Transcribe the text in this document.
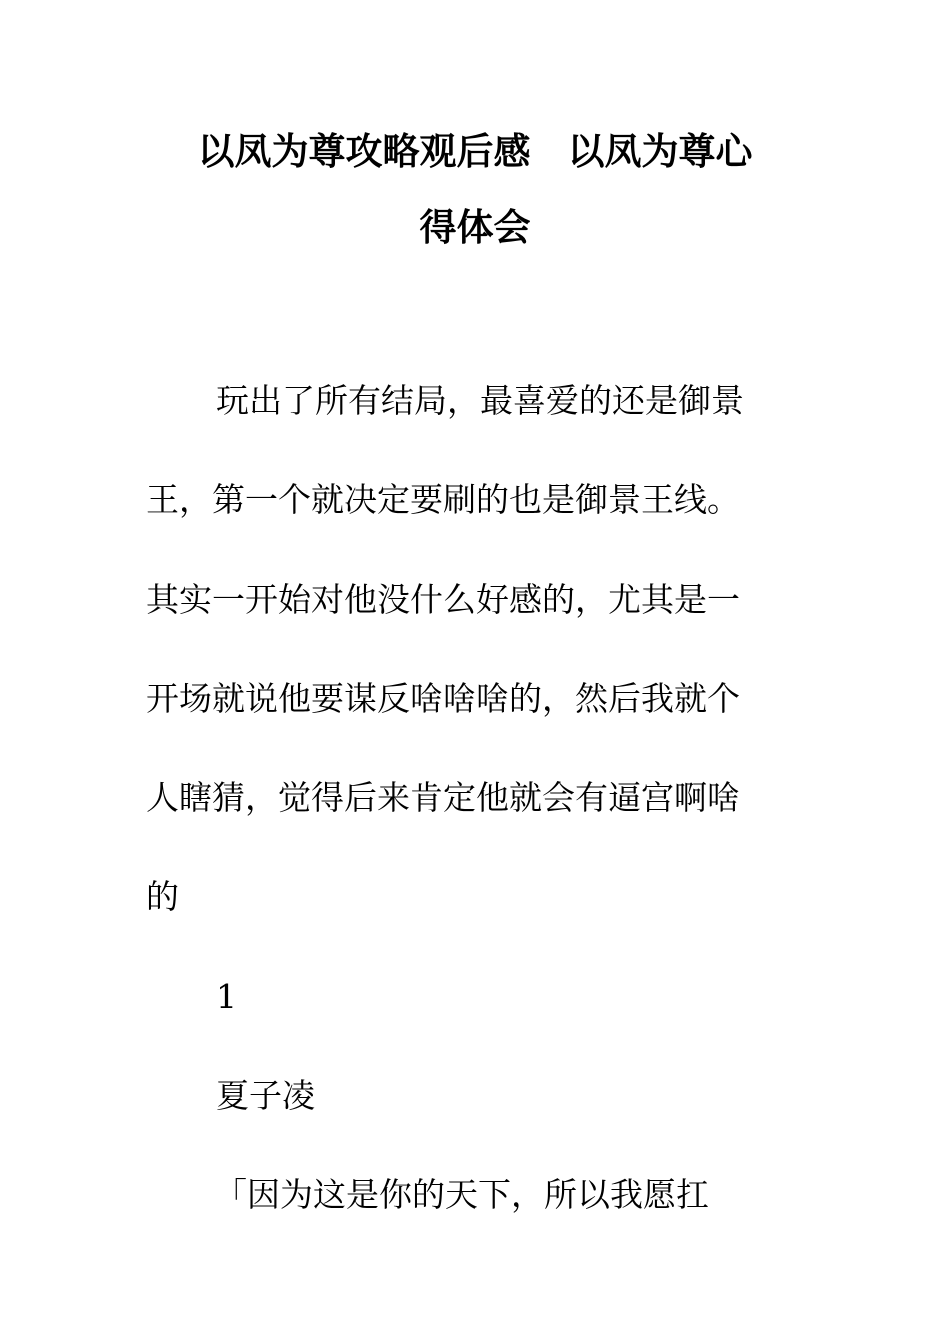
以凤为尊攻略观后感　以凤为尊心
得体会

玩出了所有结局，最喜爱的还是御景

王，第一个就决定要刷的也是御景王线。

其实一开始对他没什么好感的，尤其是一

开场就说他要谋反啥啥啥的，然后我就个

人瞎猜，觉得后来肯定他就会有逼宫啊啥

的

1

夏子凌

「因为这是你的天下，所以我愿扛
